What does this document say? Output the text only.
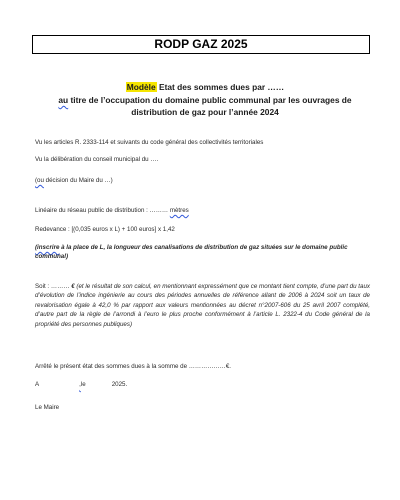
RODP GAZ 2025
Modèle Etat des sommes dues par ……
au titre de l’occupation du domaine public communal par les ouvrages de
distribution de gaz pour l’année 2024
Vu les articles R. 2333-114 et suivants du code général des collectivités territoriales
Vu la délibération du conseil municipal du ….
(ou décision du Maire du …)
Linéaire du réseau public de distribution : ……… mètres
Redevance : [(0,035 euros x L) + 100 euros] x 1,42
(inscrire à la place de L, la longueur des canalisations de distribution de gaz situées sur le domaine public communal)
Soit : ……… € (et le résultat de son calcul, en mentionnant expressément que ce montant tient compte, d’une part du taux d’évolution de l’indice ingénierie au cours des périodes annuelles de référence allant de 2006 à 2024 soit un taux de revalorisation égale à 42,0 % par rapport aux valeurs mentionnées au décret n°2007-606 du 25 avril 2007 complété, d’autre part de la règle de l’arrondi à l’euro le plus proche conformément à l’article L. 2322-4 du Code général de la propriété des personnes publiques)
Arrêté le présent état des sommes dues à la somme de ………………€.
A	,le	2025.
Le Maire
